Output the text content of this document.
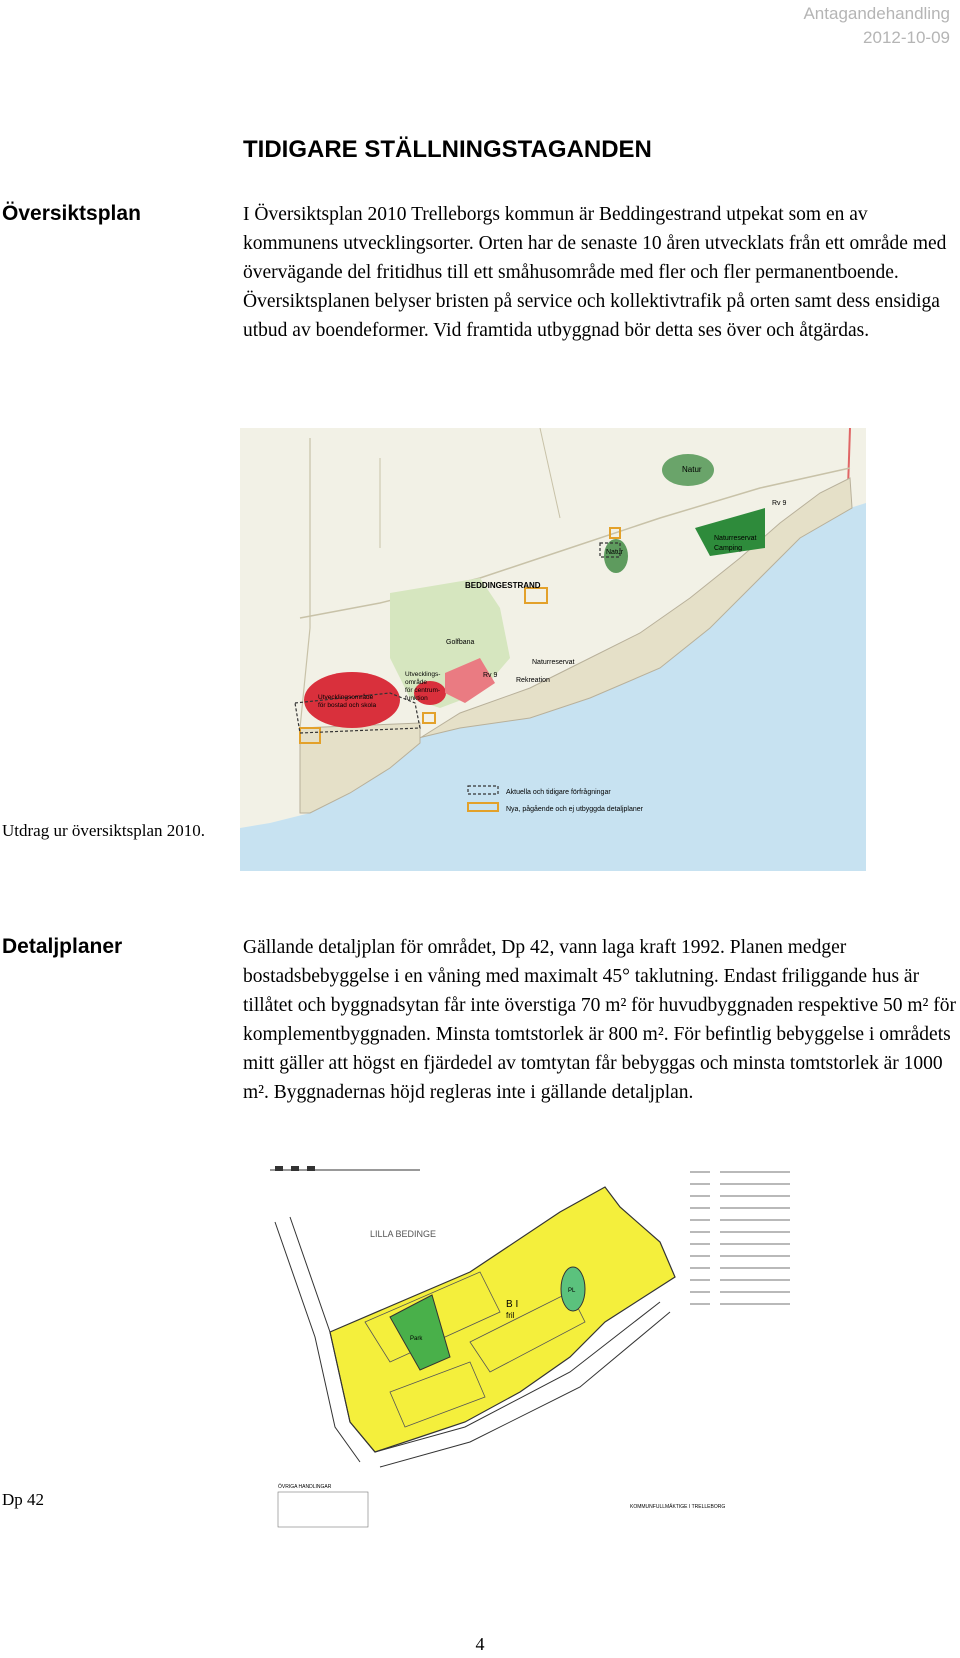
Antagandehandling
2012-10-09
TIDIGARE STÄLLNINGSTAGANDEN
Översiktsplan	I Översiktsplan 2010 Trelleborgs kommun är Beddingestrand utpekat som en av kommunens utvecklingsorter. Orten har de senaste 10 åren utvecklats från ett område med övervägande del fritidhus till ett småhusområde med fler och fler permanentboende. Översiktsplanen belyser bristen på service och kollektivtrafik på orten samt dess ensidiga utbud av boendeformer. Vid framtida utbyggnad bör detta ses över och åtgärdas.
Natur
Rv 9
Natur
Naturreservat
Camping
BEDDINGESTRAND
Golfbana
Naturreservat
Rv 9
Rekreation
Utvecklingsområde
för bostad och skola
Utvecklings-
område
för centrum-
funktion
Aktuella och tidigare förfrågningar
Nya, pågående och ej utbyggda detaljplaner
Utdrag ur översiktsplan 2010.
Detaljplaner	Gällande detaljplan för området, Dp 42, vann laga kraft 1992. Planen medger bostadsbebyggelse i en våning med maximalt 45° taklutning. Endast friliggande hus är tillåtet och byggnadsytan får inte överstiga 70 m² för huvudbyggnaden respektive 50 m² för komplementbyggnaden. Minsta tomtstorlek är 800 m². För befintlig bebyggelse i områdets mitt gäller att högst en fjärdedel av tomtytan får bebyggas och minsta tomtstorlek är 1000 m². Byggnadernas höjd regleras inte i gällande detaljplan.
LILLA BEDINGE
B I
fril
Park
PL
ÖVRIGA HANDLINGAR
KOMMUNFULLMÄKTIGE I TRELLEBORG
Dp 42
4
